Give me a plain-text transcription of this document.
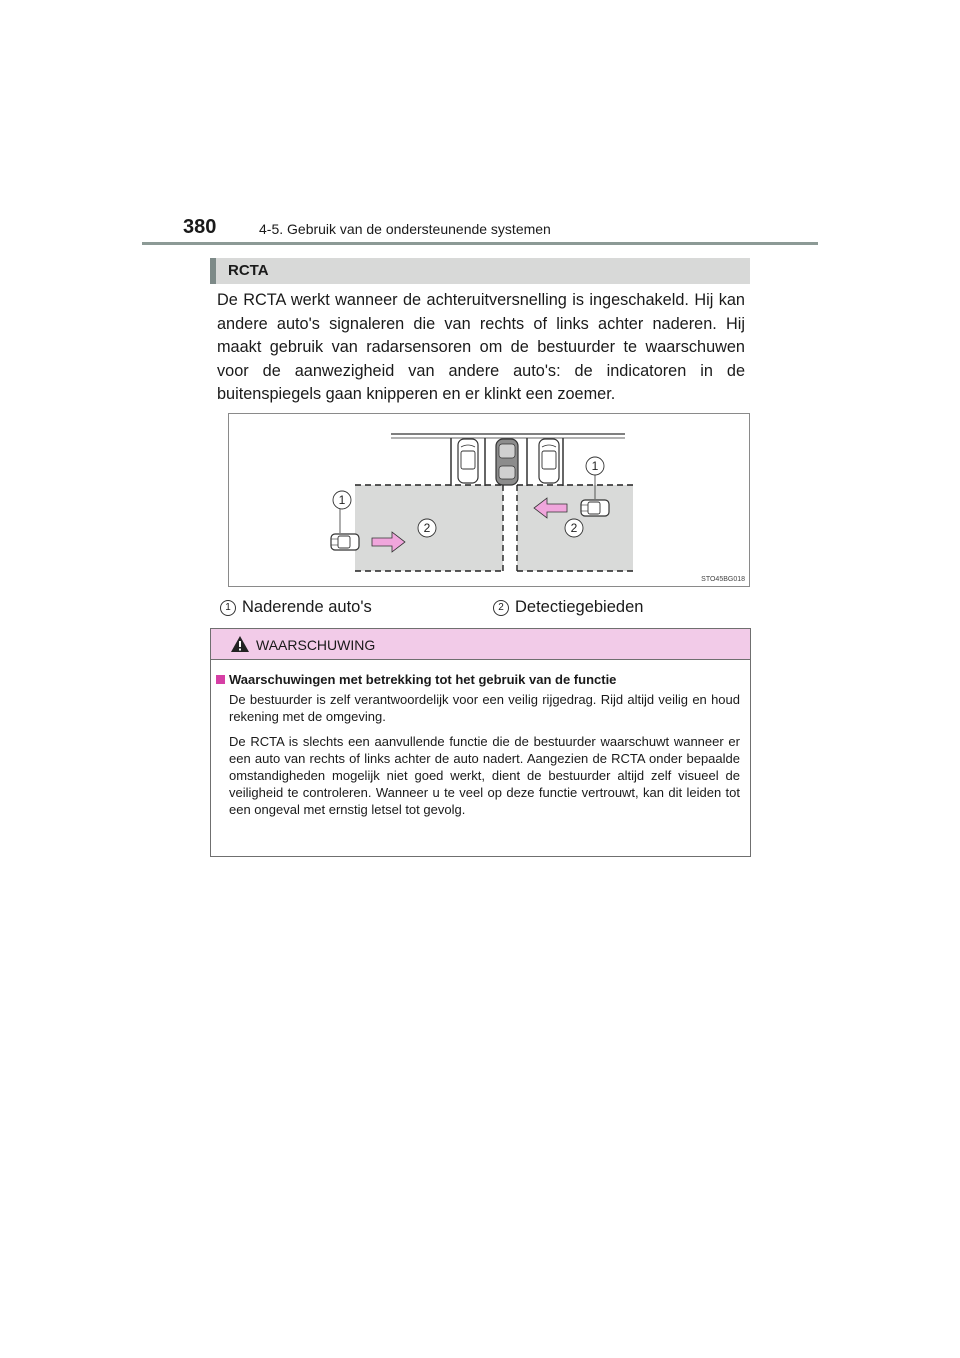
380	4-5. Gebruik van de ondersteunende systemen
RCTA

De RCTA werkt wanneer de achteruitversnelling is ingeschakeld. Hij kan andere auto's signaleren die van rechts of links achter naderen. Hij maakt gebruik van radarsensoren om de bestuurder te waarschuwen voor de aanwezigheid van andere auto's: de indicatoren in de buitenspiegels gaan knipperen en er klinkt een zoemer.

1
1
2	2
STO45BG018
1 Naderende auto's	2 Detectiegebieden
WAARSCHUWING
Waarschuwingen met betrekking tot het gebruik van de functie

De bestuurder is zelf verantwoordelijk voor een veilig rijgedrag. Rijd altijd veilig en houd rekening met de omgeving.

De RCTA is slechts een aanvullende functie die de bestuurder waarschuwt wanneer er een auto van rechts of links achter de auto nadert. Aangezien de RCTA onder bepaalde omstandigheden mogelijk niet goed werkt, dient de bestuurder altijd zelf visueel de veiligheid te controleren. Wanneer u te veel op deze functie vertrouwt, kan dit leiden tot een ongeval met ernstig letsel tot gevolg.
